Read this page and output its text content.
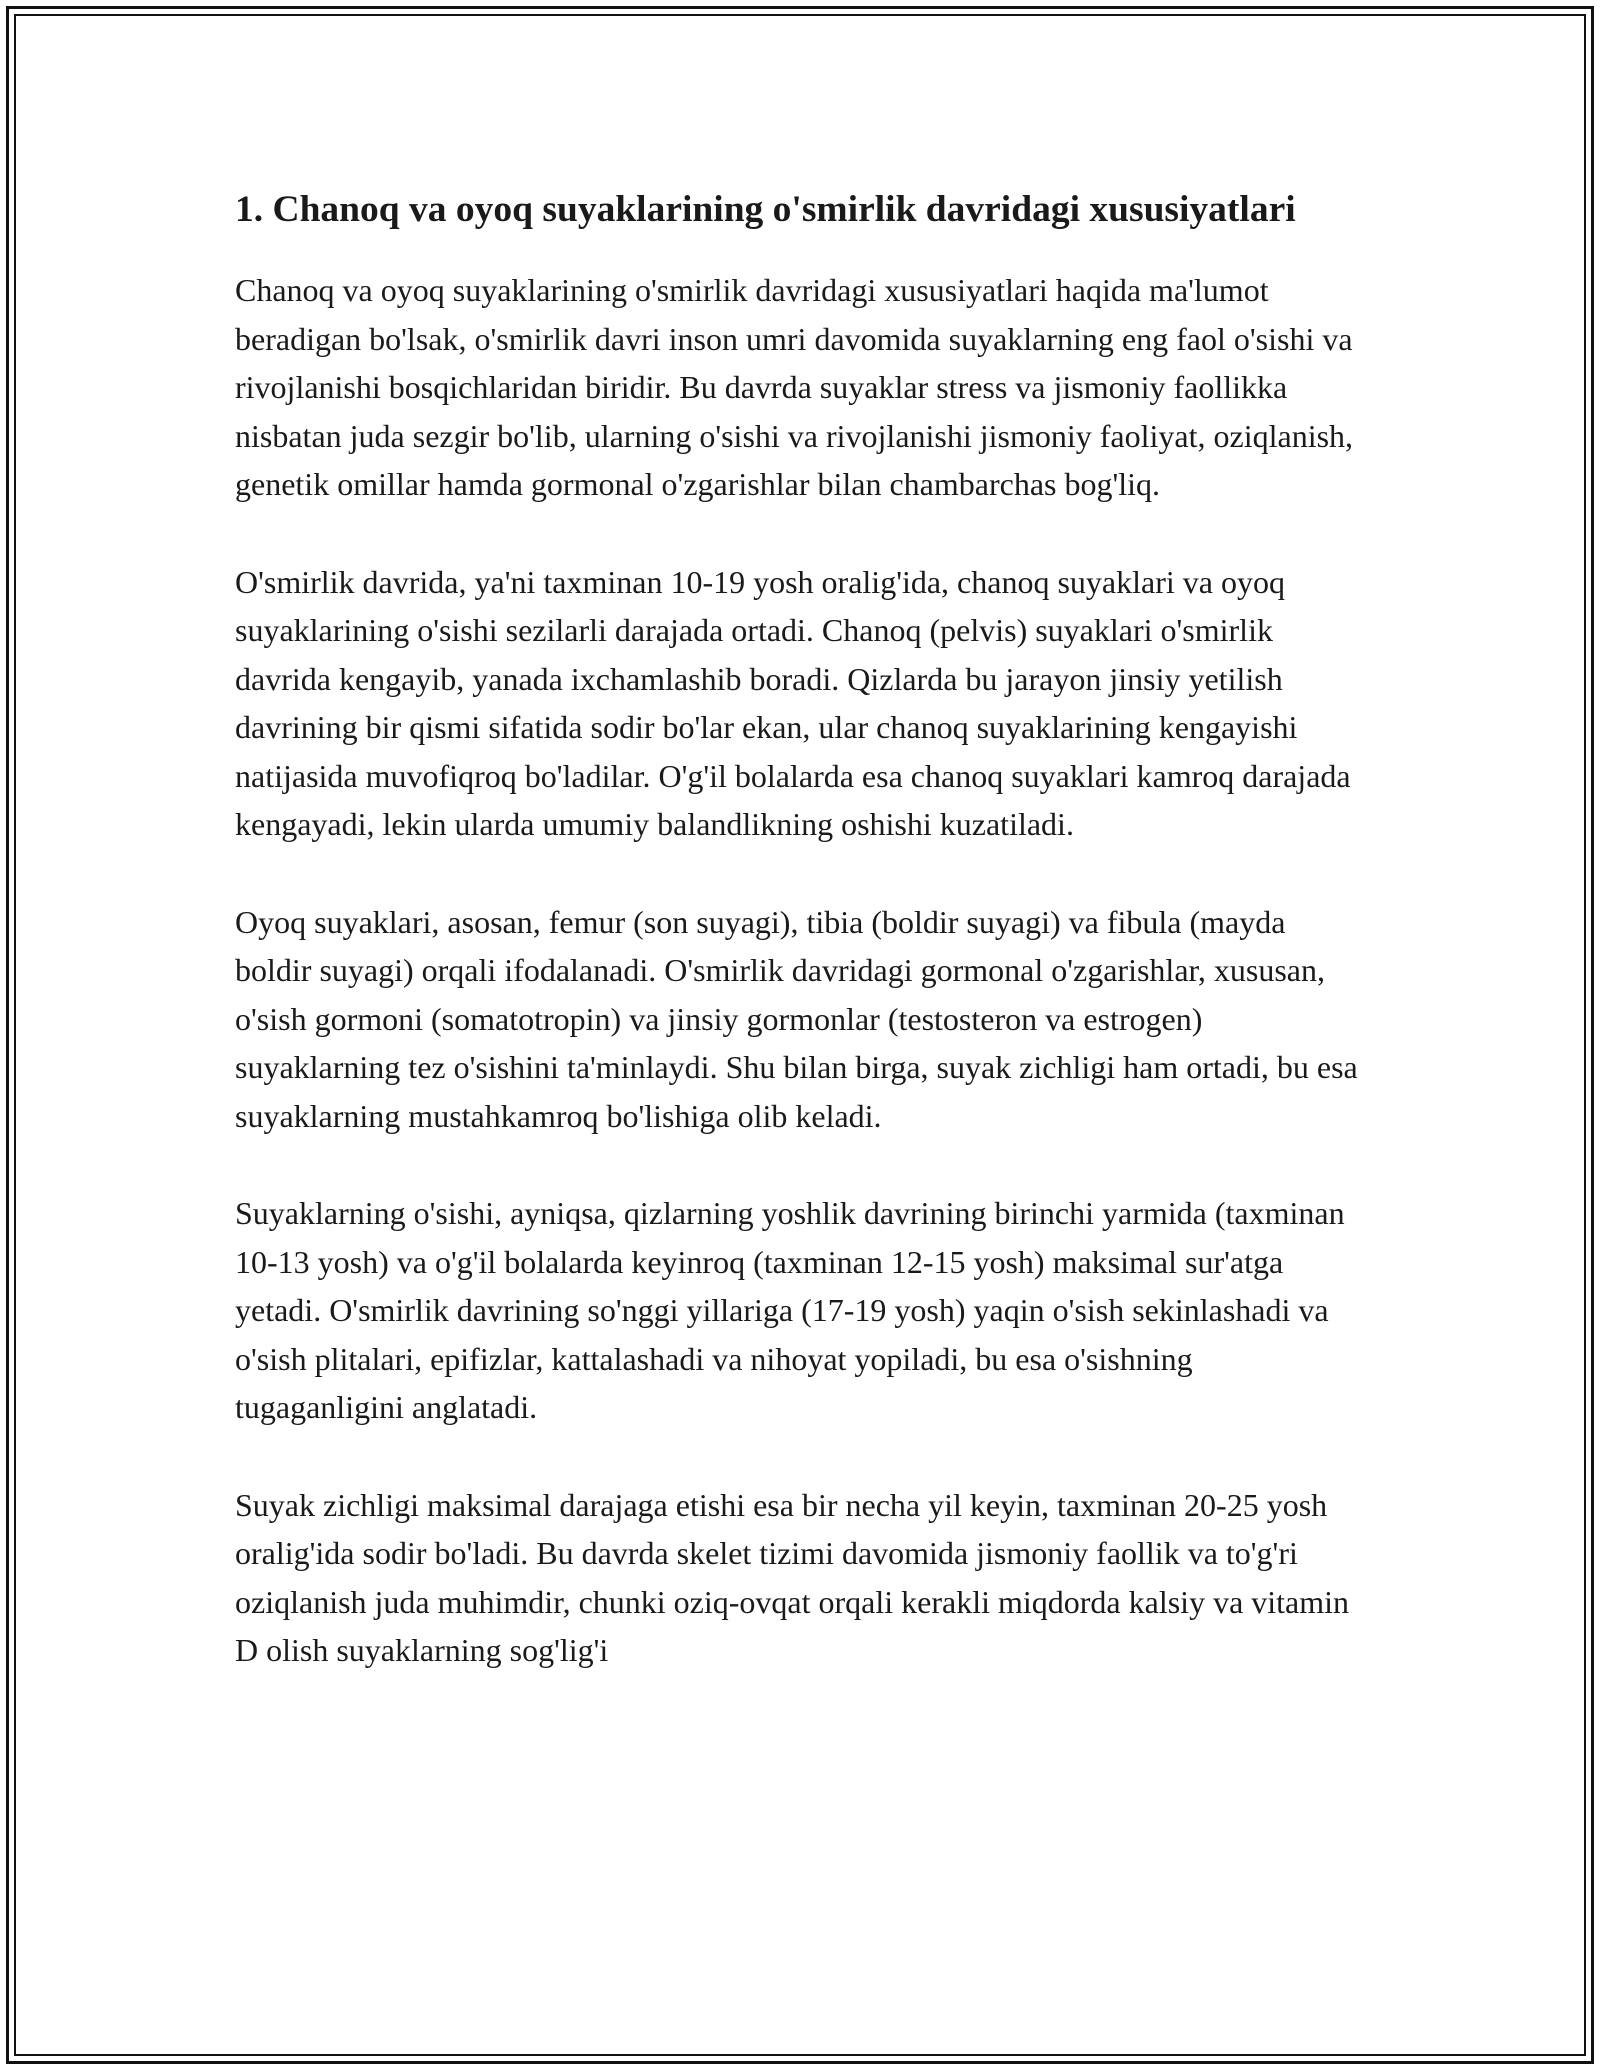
1. Chanoq va oyoq suyaklarining o'smirlik davridagi xususiyatlari

Chanoq va oyoq suyaklarining o'smirlik davridagi xususiyatlari haqida ma'lumot beradigan bo'lsak, o'smirlik davri inson umri davomida suyaklarning eng faol o'sishi va rivojlanishi bosqichlaridan biridir. Bu davrda suyaklar stress va jismoniy faollikka nisbatan juda sezgir bo'lib, ularning o'sishi va rivojlanishi jismoniy faoliyat, oziqlanish, genetik omillar hamda gormonal o'zgarishlar bilan chambarchas bog'liq.

O'smirlik davrida, ya'ni taxminan 10-19 yosh oralig'ida, chanoq suyaklari va oyoq suyaklarining o'sishi sezilarli darajada ortadi. Chanoq (pelvis) suyaklari o'smirlik davrida kengayib, yanada ixchamlashib boradi. Qizlarda bu jarayon jinsiy yetilish davrining bir qismi sifatida sodir bo'lar ekan, ular chanoq suyaklarining kengayishi natijasida muvofiqroq bo'ladilar. O'g'il bolalarda esa chanoq suyaklari kamroq darajada kengayadi, lekin ularda umumiy balandlikning oshishi kuzatiladi.

Oyoq suyaklari, asosan, femur (son suyagi), tibia (boldir suyagi) va fibula (mayda boldir suyagi) orqali ifodalanadi. O'smirlik davridagi gormonal o'zgarishlar, xususan, o'sish gormoni (somatotropin) va jinsiy gormonlar (testosteron va estrogen) suyaklarning tez o'sishini ta'minlaydi. Shu bilan birga, suyak zichligi ham ortadi, bu esa suyaklarning mustahkamroq bo'lishiga olib keladi.

Suyaklarning o'sishi, ayniqsa, qizlarning yoshlik davrining birinchi yarmida (taxminan 10-13 yosh) va o'g'il bolalarda keyinroq (taxminan 12-15 yosh) maksimal sur'atga yetadi. O'smirlik davrining so'nggi yillariga (17-19 yosh) yaqin o'sish sekinlashadi va o'sish plitalari, epifizlar, kattalashadi va nihoyat yopiladi, bu esa o'sishning tugaganligini anglatadi.

Suyak zichligi maksimal darajaga etishi esa bir necha yil keyin, taxminan 20-25 yosh oralig'ida sodir bo'ladi. Bu davrda skelet tizimi davomida jismoniy faollik va to'g'ri oziqlanish juda muhimdir, chunki oziq-ovqat orqali kerakli miqdorda kalsiy va vitamin D olish suyaklarning sog'lig'i
